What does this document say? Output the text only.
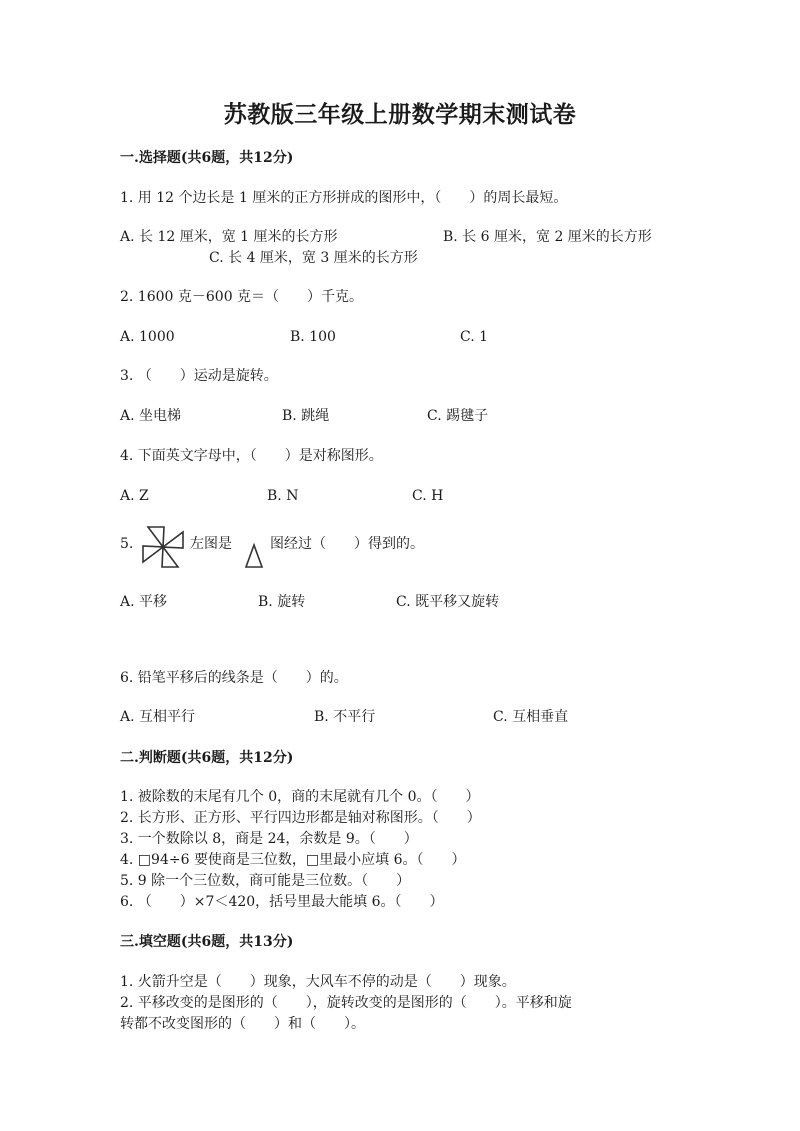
苏教版三年级上册数学期末测试卷
一.选择题(共6题，共12分)
1. 用 12 个边长是 1 厘米的正方形拼成的图形中，（　　）的周长最短。
A. 长 12 厘米，宽 1 厘米的长方形	B. 长 6 厘米，宽 2 厘米的长方形
C. 长 4 厘米，宽 3 厘米的长方形
2. 1600 克－600 克＝（　　）千克。
A. 1000	B. 100	C. 1
3. （　　）运动是旋转。
A. 坐电梯	B. 跳绳	C. 踢毽子
4. 下面英文字母中，（　　）是对称图形。
A. Z	B. N	C. H
5.	左图是	图经过（　　）得到的。
A. 平移	B. 旋转	C. 既平移又旋转
6. 铅笔平移后的线条是（　　）的。
A. 互相平行	B. 不平行	C. 互相垂直
二.判断题(共6题，共12分)
1. 被除数的末尾有几个 0，商的末尾就有几个 0。（　　）
2. 长方形、正方形、平行四边形都是轴对称图形。（　　）
3. 一个数除以 8，商是 24，余数是 9。（　　）
4. □94÷6 要使商是三位数，□里最小应填 6。（　　）
5. 9 除一个三位数，商可能是三位数。（　　）
6. （　　）×7＜420，括号里最大能填 6。（　　）
三.填空题(共6题，共13分)
1. 火箭升空是（　　）现象，大风车不停的动是（　　）现象。
2. 平移改变的是图形的（　　），旋转改变的是图形的（　　）。平移和旋
转都不改变图形的（　　）和（　　）。
